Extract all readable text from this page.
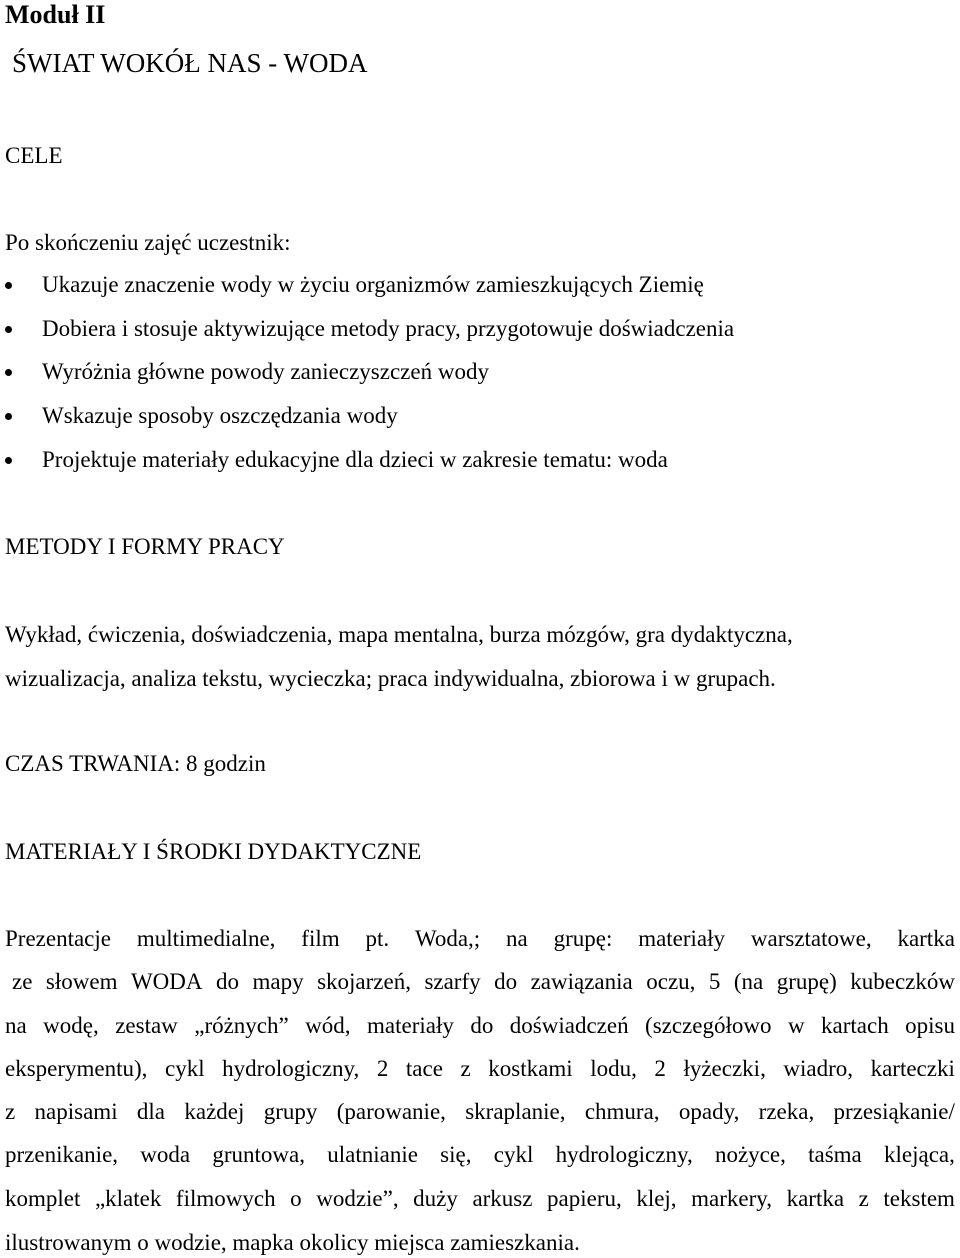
Moduł II
ŚWIAT WOKÓŁ NAS - WODA
CELE
Po skończeniu zajęć uczestnik:
Ukazuje znaczenie wody w życiu organizmów zamieszkujących Ziemię
Dobiera i stosuje aktywizujące metody pracy, przygotowuje doświadczenia
Wyróżnia główne powody zanieczyszczeń wody
Wskazuje sposoby oszczędzania wody
Projektuje materiały edukacyjne dla dzieci w zakresie tematu: woda
METODY I FORMY PRACY
Wykład, ćwiczenia, doświadczenia, mapa mentalna, burza mózgów, gra dydaktyczna,
wizualizacja, analiza tekstu, wycieczka; praca indywidualna, zbiorowa i w grupach.
CZAS TRWANIA: 8 godzin
MATERIAŁY I ŚRODKI DYDAKTYCZNE
Prezentacje multimedialne, film pt. Woda,; na grupę: materiały warsztatowe, kartka
ze słowem WODA do mapy skojarzeń, szarfy do zawiązania oczu, 5 (na grupę) kubeczków
na wodę, zestaw „różnych” wód, materiały do doświadczeń (szczegółowo w kartach opisu
eksperymentu), cykl hydrologiczny, 2 tace z kostkami lodu, 2 łyżeczki, wiadro, karteczki
z napisami dla każdej grupy (parowanie, skraplanie, chmura, opady, rzeka, przesiąkanie/
przenikanie, woda gruntowa, ulatnianie się, cykl hydrologiczny, nożyce, taśma klejąca,
komplet „klatek filmowych o wodzie”, duży arkusz papieru, klej, markery, kartka z tekstem
ilustrowanym o wodzie, mapka okolicy miejsca zamieszkania.
